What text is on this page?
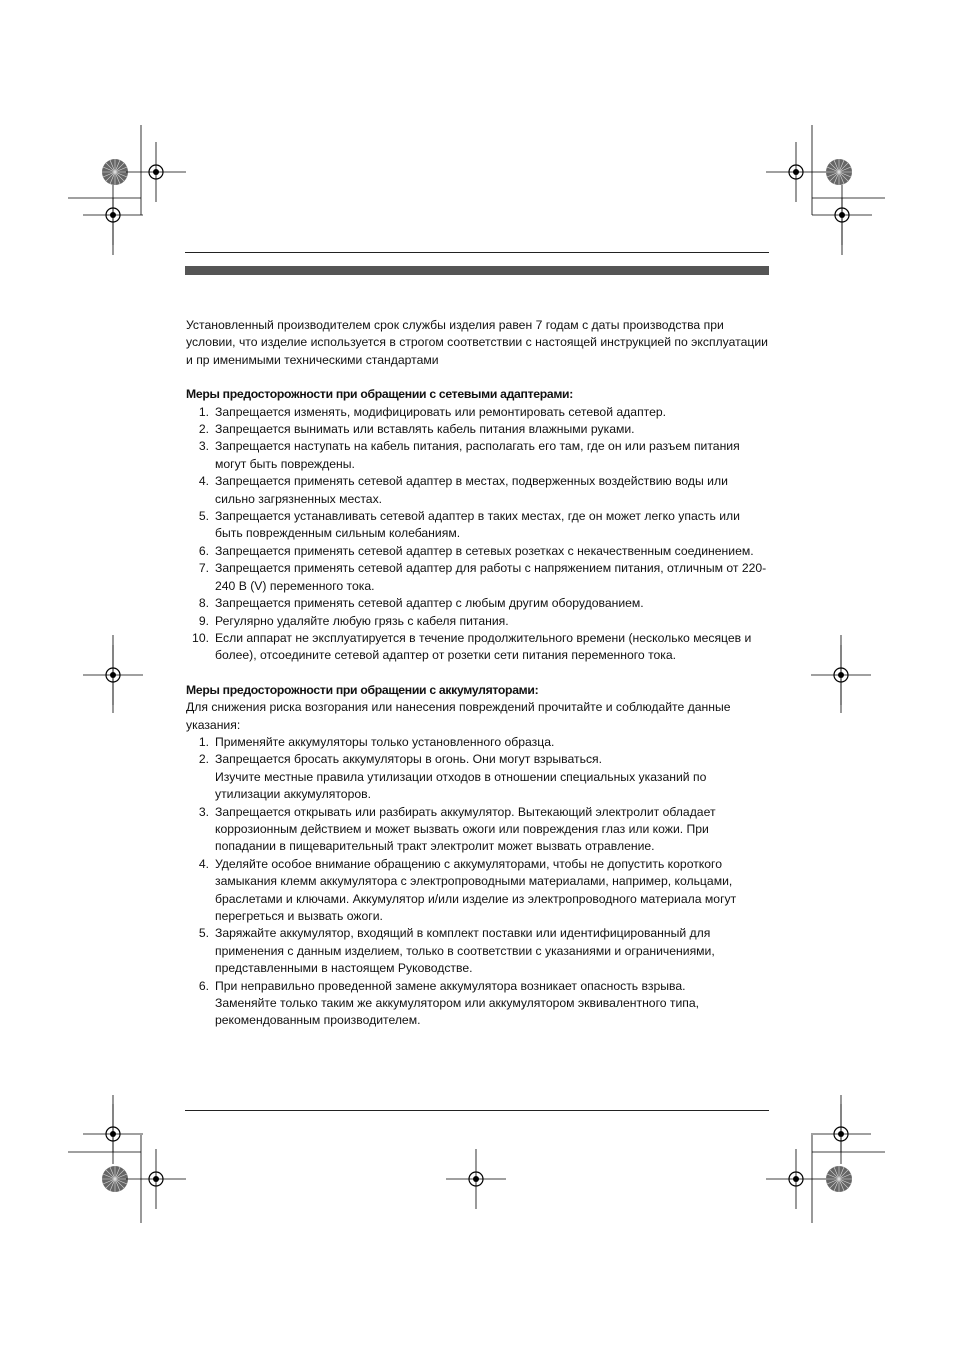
Установленный производителем срок службы изделия равен 7 годам с даты производства при условии, что изделие используется в строгом соответствии с настоящей инструкцией по эксплуатации и пр именимыми техническими стандартами

Меры предосторожности при обращении с сетевыми адаптерами:

1. Запрещается изменять, модифицировать или ремонтировать сетевой адаптер.
2. Запрещается вынимать или вставлять кабель питания влажными руками.
3. Запрещается наступать на кабель питания, располагать его там, где он или разъем питания могут быть повреждены.
4. Запрещается применять сетевой адаптер в местах, подверженных воздействию воды или сильно загрязненных местах.
5. Запрещается устанавливать сетевой адаптер в таких местах, где он может легко упасть или быть поврежденным сильным колебаниям.
6. Запрещается применять сетевой адаптер в сетевых розетках с некачественным соединением.
7. Запрещается применять сетевой адаптер для работы с напряжением питания, отличным от 220-240 В (V) переменного тока.
8. Запрещается применять сетевой адаптер с любым другим оборудованием.
9. Регулярно удаляйте любую грязь с кабеля питания.
10. Если аппарат не эксплуатируется в течение продолжительного времени (несколько месяцев и более), отсоедините сетевой адаптер от розетки сети питания переменного тока.

Меры предосторожности при обращении с аккумуляторами:

Для снижения риска возгорания или нанесения повреждений прочитайте и соблюдайте данные указания:

1. Применяйте аккумуляторы только установленного образца.
2. Запрещается бросать аккумуляторы в огонь. Они могут взрываться.
Изучите местные правила утилизации отходов в отношении специальных указаний по утилизации аккумуляторов.
3. Запрещается открывать или разбирать аккумулятор. Вытекающий электролит обладает коррозионным действием и может вызвать ожоги или повреждения глаз или кожи. При попадании в пищеварительный тракт электролит может вызвать отравление.
4. Уделяйте особое внимание обращению с аккумуляторами, чтобы не допустить короткого замыкания клемм аккумулятора с электропроводными материалами, например, кольцами, браслетами и ключами. Аккумулятор и/или изделие из электропроводного материала могут перегреться и вызвать ожоги.
5. Заряжайте аккумулятор, входящий в комплект поставки или идентифицированный для применения с данным изделием, только в соответствии с указаниями и ограничениями, представленными в настоящем Руководстве.
6. При неправильно проведенной замене аккумулятора возникает опасность взрыва.
Заменяйте только таким же аккумулятором или аккумулятором эквивалентного типа, рекомендованным производителем.
